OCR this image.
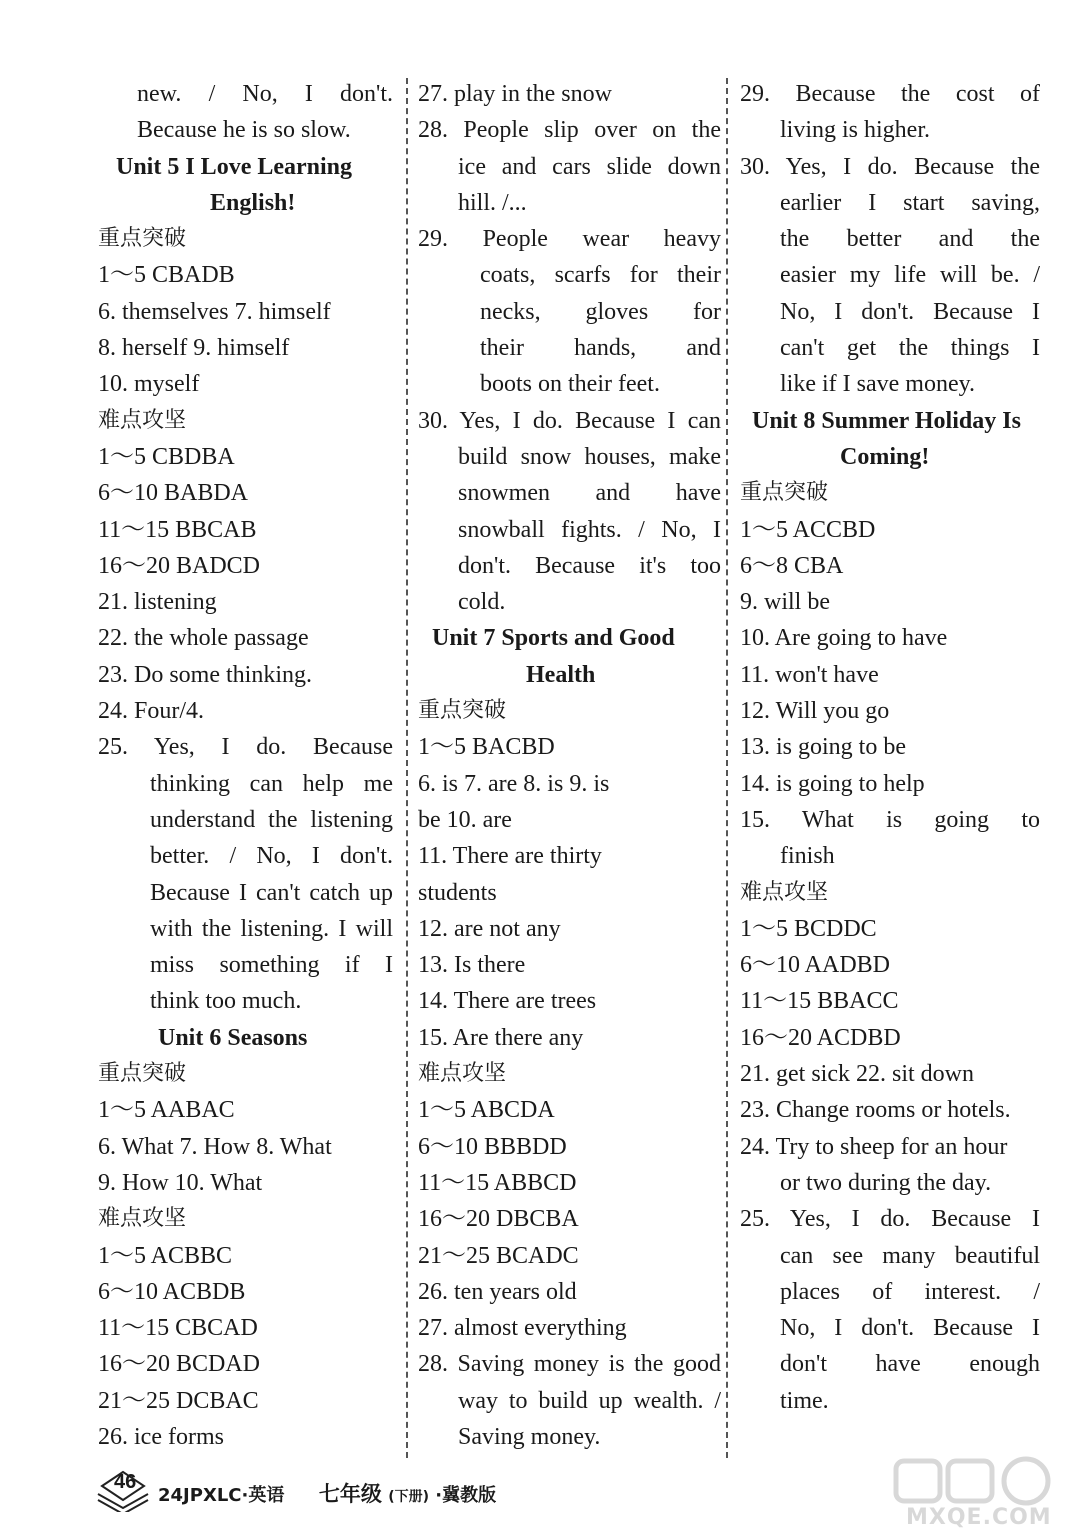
new. / No, I don't.
Because he is so slow.
Unit 5 I Love Learning
English!
重点突破
1～5 CBADB
6. themselves 7. himself
8. herself 9. himself
10. myself
难点攻坚
1～5 CBDBA
6～10 BABDA
11～15 BBCAB
16～20 BADCD
21. listening
22. the whole passage
23. Do some thinking.
24. Four/4.
25. Yes, I do. Because
thinking can help me
understand the listening
better. / No, I don't.
Because I can't catch up
with the listening. I will
miss something if I
think too much.
Unit 6 Seasons
重点突破
1～5 AABAC
6. What 7. How 8. What
9. How 10. What
难点攻坚
1～5 ACBBC
6～10 ACBDB
11～15 CBCAD
16～20 BCDAD
21～25 DCBAC
26. ice forms
27. play in the snow
28. People slip over on the
ice and cars slide down
hill. /...
29. People wear heavy
coats, scarfs for their
necks, gloves for
their hands, and
boots on their feet.
30. Yes, I do. Because I can
build snow houses, make
snowmen and have
snowball fights. / No, I
don't. Because it's too
cold.
Unit 7 Sports and Good
Health
重点突破
1～5 BACBD
6. is 7. are 8. is 9. is
be 10. are
11. There are thirty
students
12. are not any
13. Is there
14. There are trees
15. Are there any
难点攻坚
1～5 ABCDA
6～10 BBBDD
11～15 ABBCD
16～20 DBCBA
21～25 BCADC
26. ten years old
27. almost everything
28. Saving money is the good
way to build up wealth. /
Saving money.
29. Because the cost of
living is higher.
30. Yes, I do. Because the
earlier I start saving,
the better and the
easier my life will be. /
No, I don't. Because I
can't get the things I
like if I save money.
Unit 8 Summer Holiday Is
Coming!
重点突破
1～5 ACCBD
6～8 CBA
9. will be
10. Are going to have
11. won't have
12. Will you go
13. is going to be
14. is going to help
15. What is going to
finish
难点攻坚
1～5 BCDDC
6～10 AADBD
11～15 BBACC
16～20 ACDBD
21. get sick 22. sit down
23. Change rooms or hotels.
24. Try to sheep for an hour
or two during the day.
25. Yes, I do. Because I
can see many beautiful
places of interest. /
No, I don't. Because I
don't have enough
time.
46
24JPXLC·英语 七年级 (下册) ·冀教版
MXQE.COM
